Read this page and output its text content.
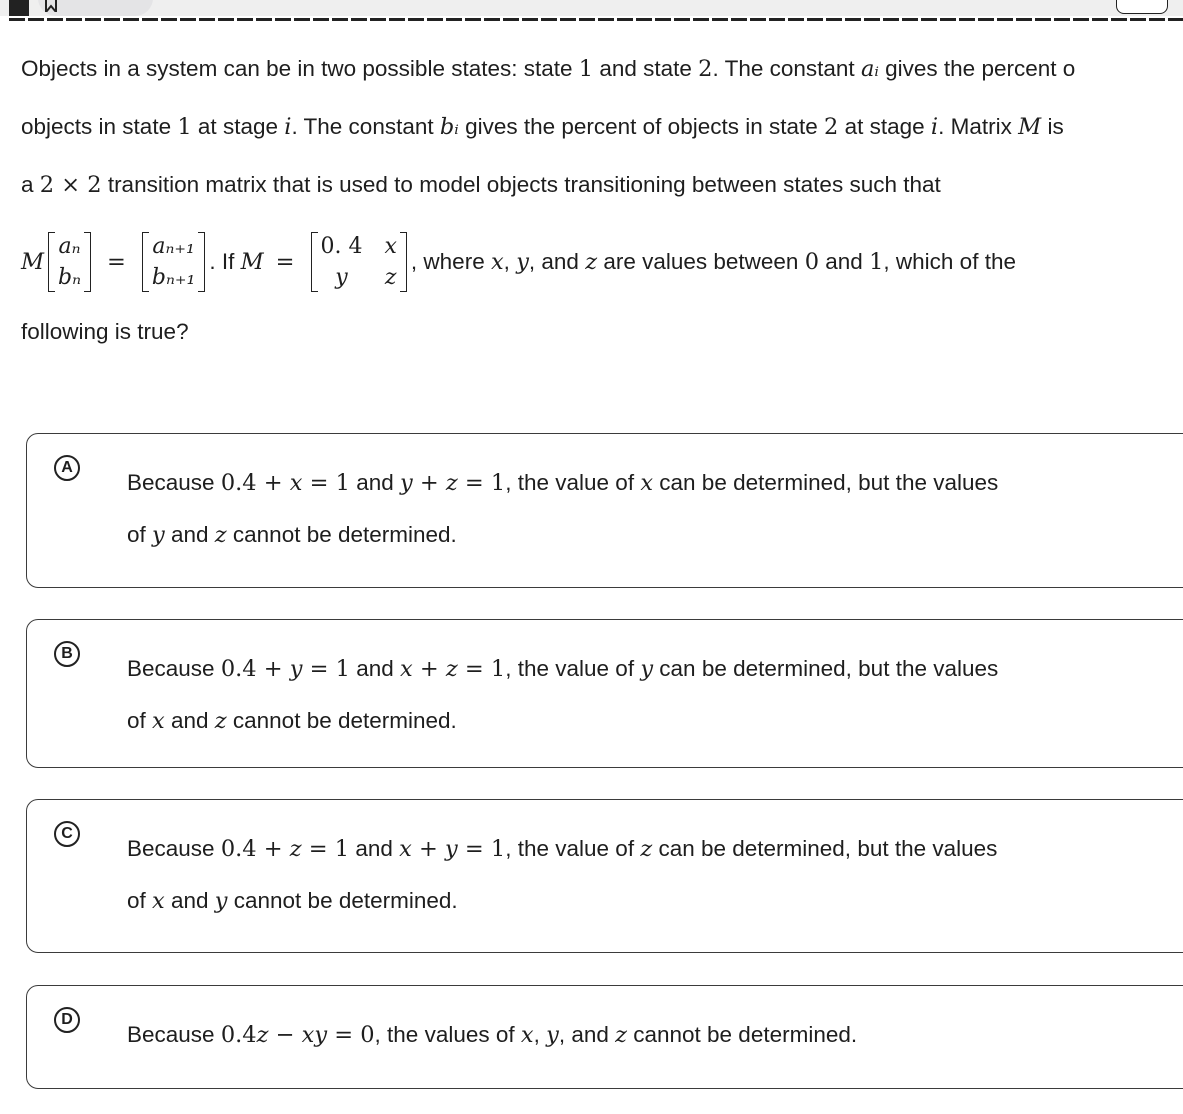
Objects in a system can be in two possible states: state 1 and state 2. The constant aᵢ gives the percent o
objects in state 1 at stage i. The constant bᵢ gives the percent of objects in state 2 at stage i. Matrix M is
a 2 × 2 transition matrix that is used to model objects transitioning between states such that
M
aₙ
bₙ
=
aₙ₊₁
bₙ₊₁
. If M =
0. 4 x
y	z
, where x, y, and z are values between 0 and 1, which of the
following is true?
A
Because 0.4 + x = 1 and y + z = 1, the value of x can be determined, but the values
of y and z cannot be determined.
B
Because 0.4 + y = 1 and x + z = 1, the value of y can be determined, but the values
of x and z cannot be determined.
C
Because 0.4 + z = 1 and x + y = 1, the value of z can be determined, but the values
of x and y cannot be determined.
D
Because 0.4z − xy = 0, the values of x, y, and z cannot be determined.
